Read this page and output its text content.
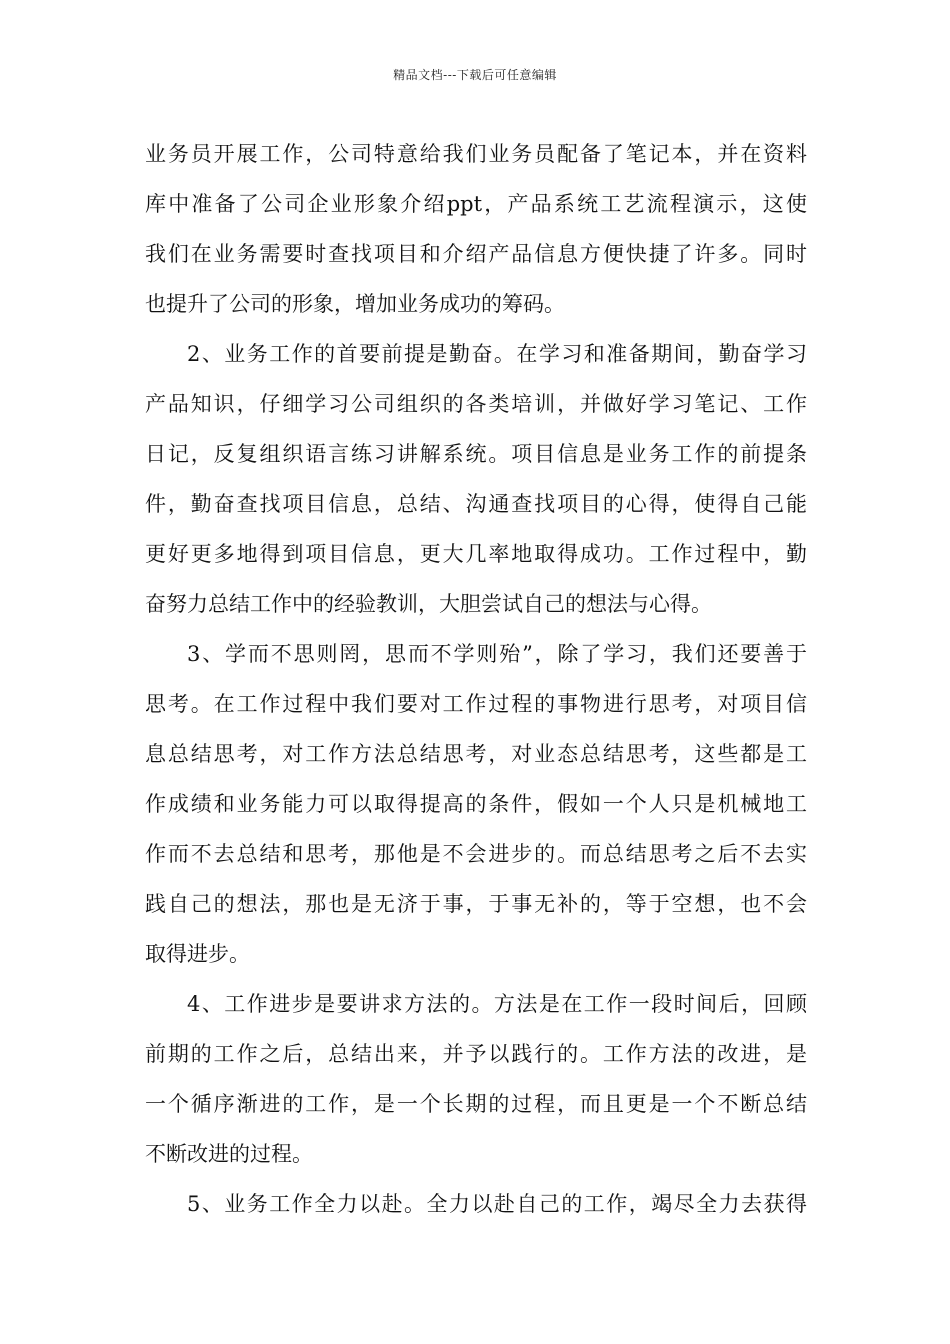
精品文档---下载后可任意编辑
业务员开展工作，公司特意给我们业务员配备了笔记本，并在资料
库中准备了公司企业形象介绍ppt，产品系统工艺流程演示，这使
我们在业务需要时查找项目和介绍产品信息方便快捷了许多。同时
也提升了公司的形象，增加业务成功的筹码。
2、业务工作的首要前提是勤奋。在学习和准备期间，勤奋学习
产品知识，仔细学习公司组织的各类培训，并做好学习笔记、工作
日记，反复组织语言练习讲解系统。项目信息是业务工作的前提条
件，勤奋查找项目信息，总结、沟通查找项目的心得，使得自己能
更好更多地得到项目信息，更大几率地取得成功。工作过程中，勤
奋努力总结工作中的经验教训，大胆尝试自己的想法与心得。
3、学而不思则罔，思而不学则殆”，除了学习，我们还要善于
思考。在工作过程中我们要对工作过程的事物进行思考，对项目信
息总结思考，对工作方法总结思考，对业态总结思考，这些都是工
作成绩和业务能力可以取得提高的条件，假如一个人只是机械地工
作而不去总结和思考，那他是不会进步的。而总结思考之后不去实
践自己的想法，那也是无济于事，于事无补的，等于空想，也不会
取得进步。
4、工作进步是要讲求方法的。方法是在工作一段时间后，回顾
前期的工作之后，总结出来，并予以践行的。工作方法的改进，是
一个循序渐进的工作，是一个长期的过程，而且更是一个不断总结
不断改进的过程。
5、业务工作全力以赴。全力以赴自己的工作，竭尽全力去获得
